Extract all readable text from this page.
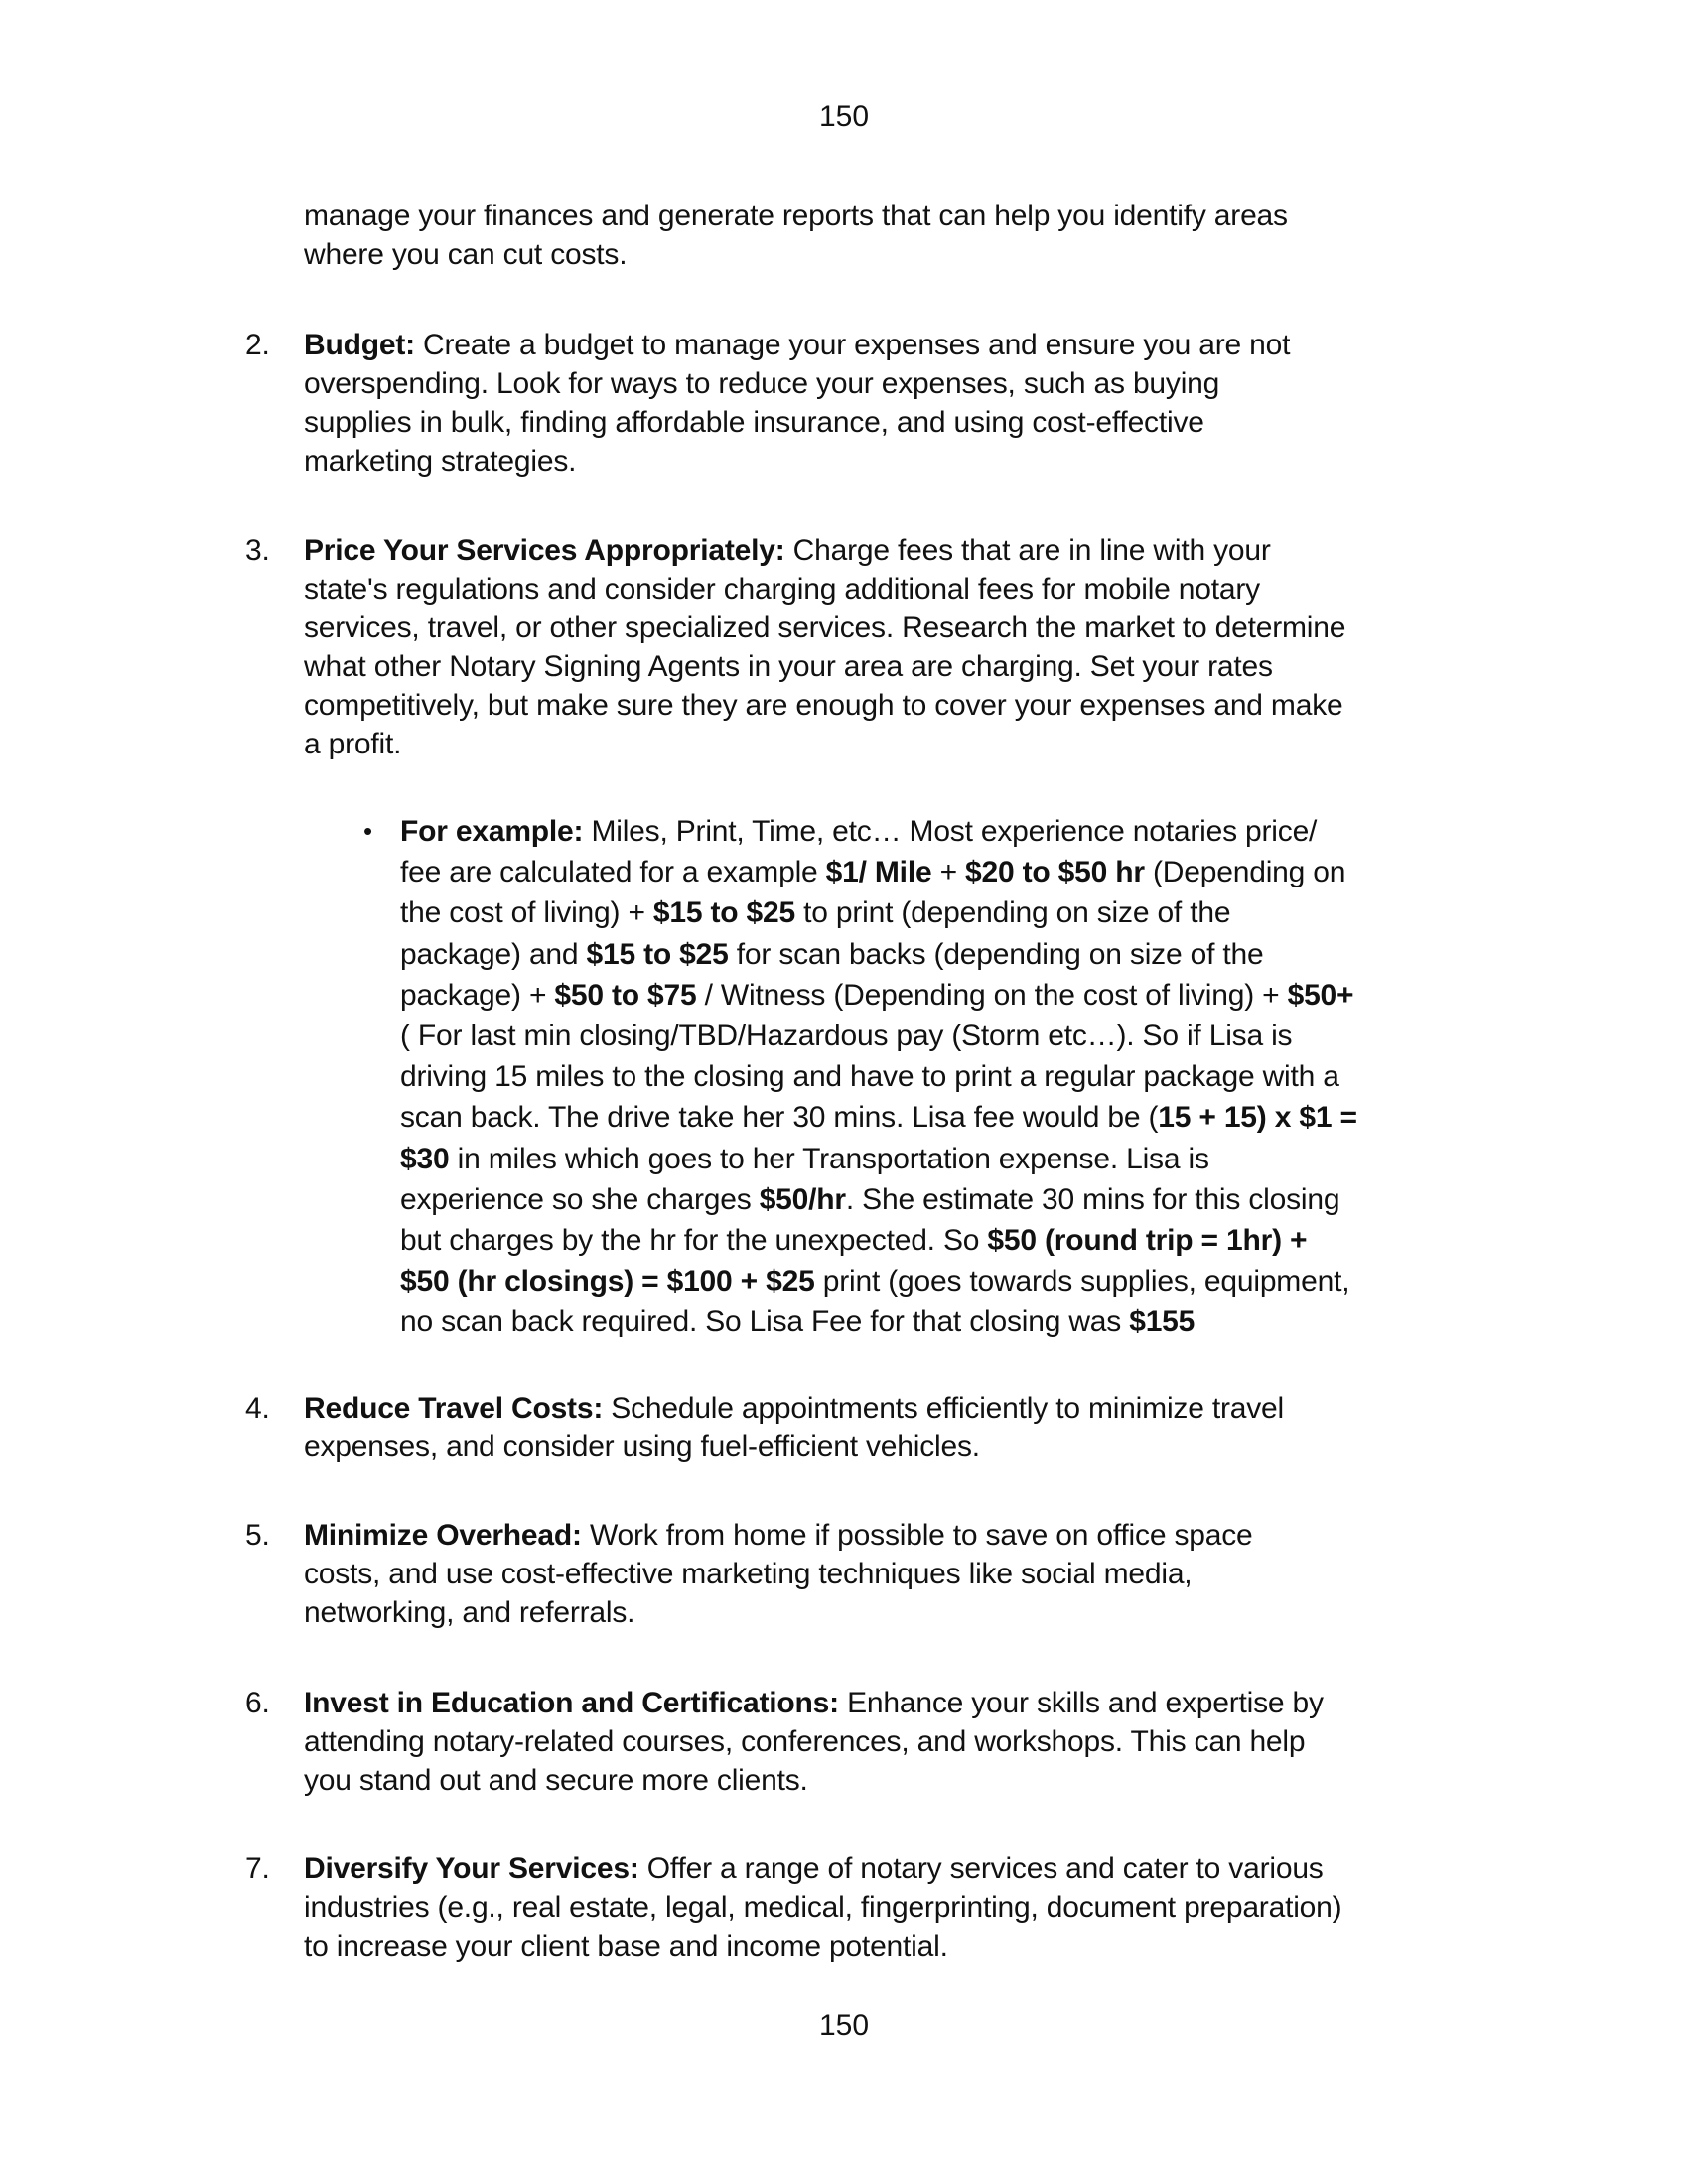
150
manage your finances and generate reports that can help you identify areas
where you can cut costs.
2.	Budget: Create a budget to manage your expenses and ensure you are not
overspending. Look for ways to reduce your expenses, such as buying
supplies in bulk, finding affordable insurance, and using cost-effective
marketing strategies.
3.	Price Your Services Appropriately: Charge fees that are in line with your
state's regulations and consider charging additional fees for mobile notary
services, travel, or other specialized services. Research the market to determine
what other Notary Signing Agents in your area are charging. Set your rates
competitively, but make sure they are enough to cover your expenses and make
a profit.
• For example: Miles, Print, Time, etc… Most experience notaries price/
fee are calculated for a example $1/ Mile + $20 to $50 hr (Depending on
the cost of living) + $15 to $25 to print (depending on size of the
package) and $15 to $25 for scan backs (depending on size of the
package) + $50 to $75 / Witness (Depending on the cost of living) + $50+
( For last min closing/TBD/Hazardous pay (Storm etc…). So if Lisa is
driving 15 miles to the closing and have to print a regular package with a
scan back. The drive take her 30 mins. Lisa fee would be (15 + 15) x $1 =
$30 in miles which goes to her Transportation expense. Lisa is
experience so she charges $50/hr. She estimate 30 mins for this closing
but charges by the hr for the unexpected. So $50 (round trip = 1hr) +
$50 (hr closings) = $100 + $25 print (goes towards supplies, equipment,
no scan back required. So Lisa Fee for that closing was $155
4.	Reduce Travel Costs: Schedule appointments efficiently to minimize travel
expenses, and consider using fuel-efficient vehicles.
5.	Minimize Overhead: Work from home if possible to save on office space
costs, and use cost-effective marketing techniques like social media,
networking, and referrals.
6.	Invest in Education and Certifications: Enhance your skills and expertise by
attending notary-related courses, conferences, and workshops. This can help
you stand out and secure more clients.
7.	Diversify Your Services: Offer a range of notary services and cater to various
industries (e.g., real estate, legal, medical, fingerprinting, document preparation)
to increase your client base and income potential.
150
